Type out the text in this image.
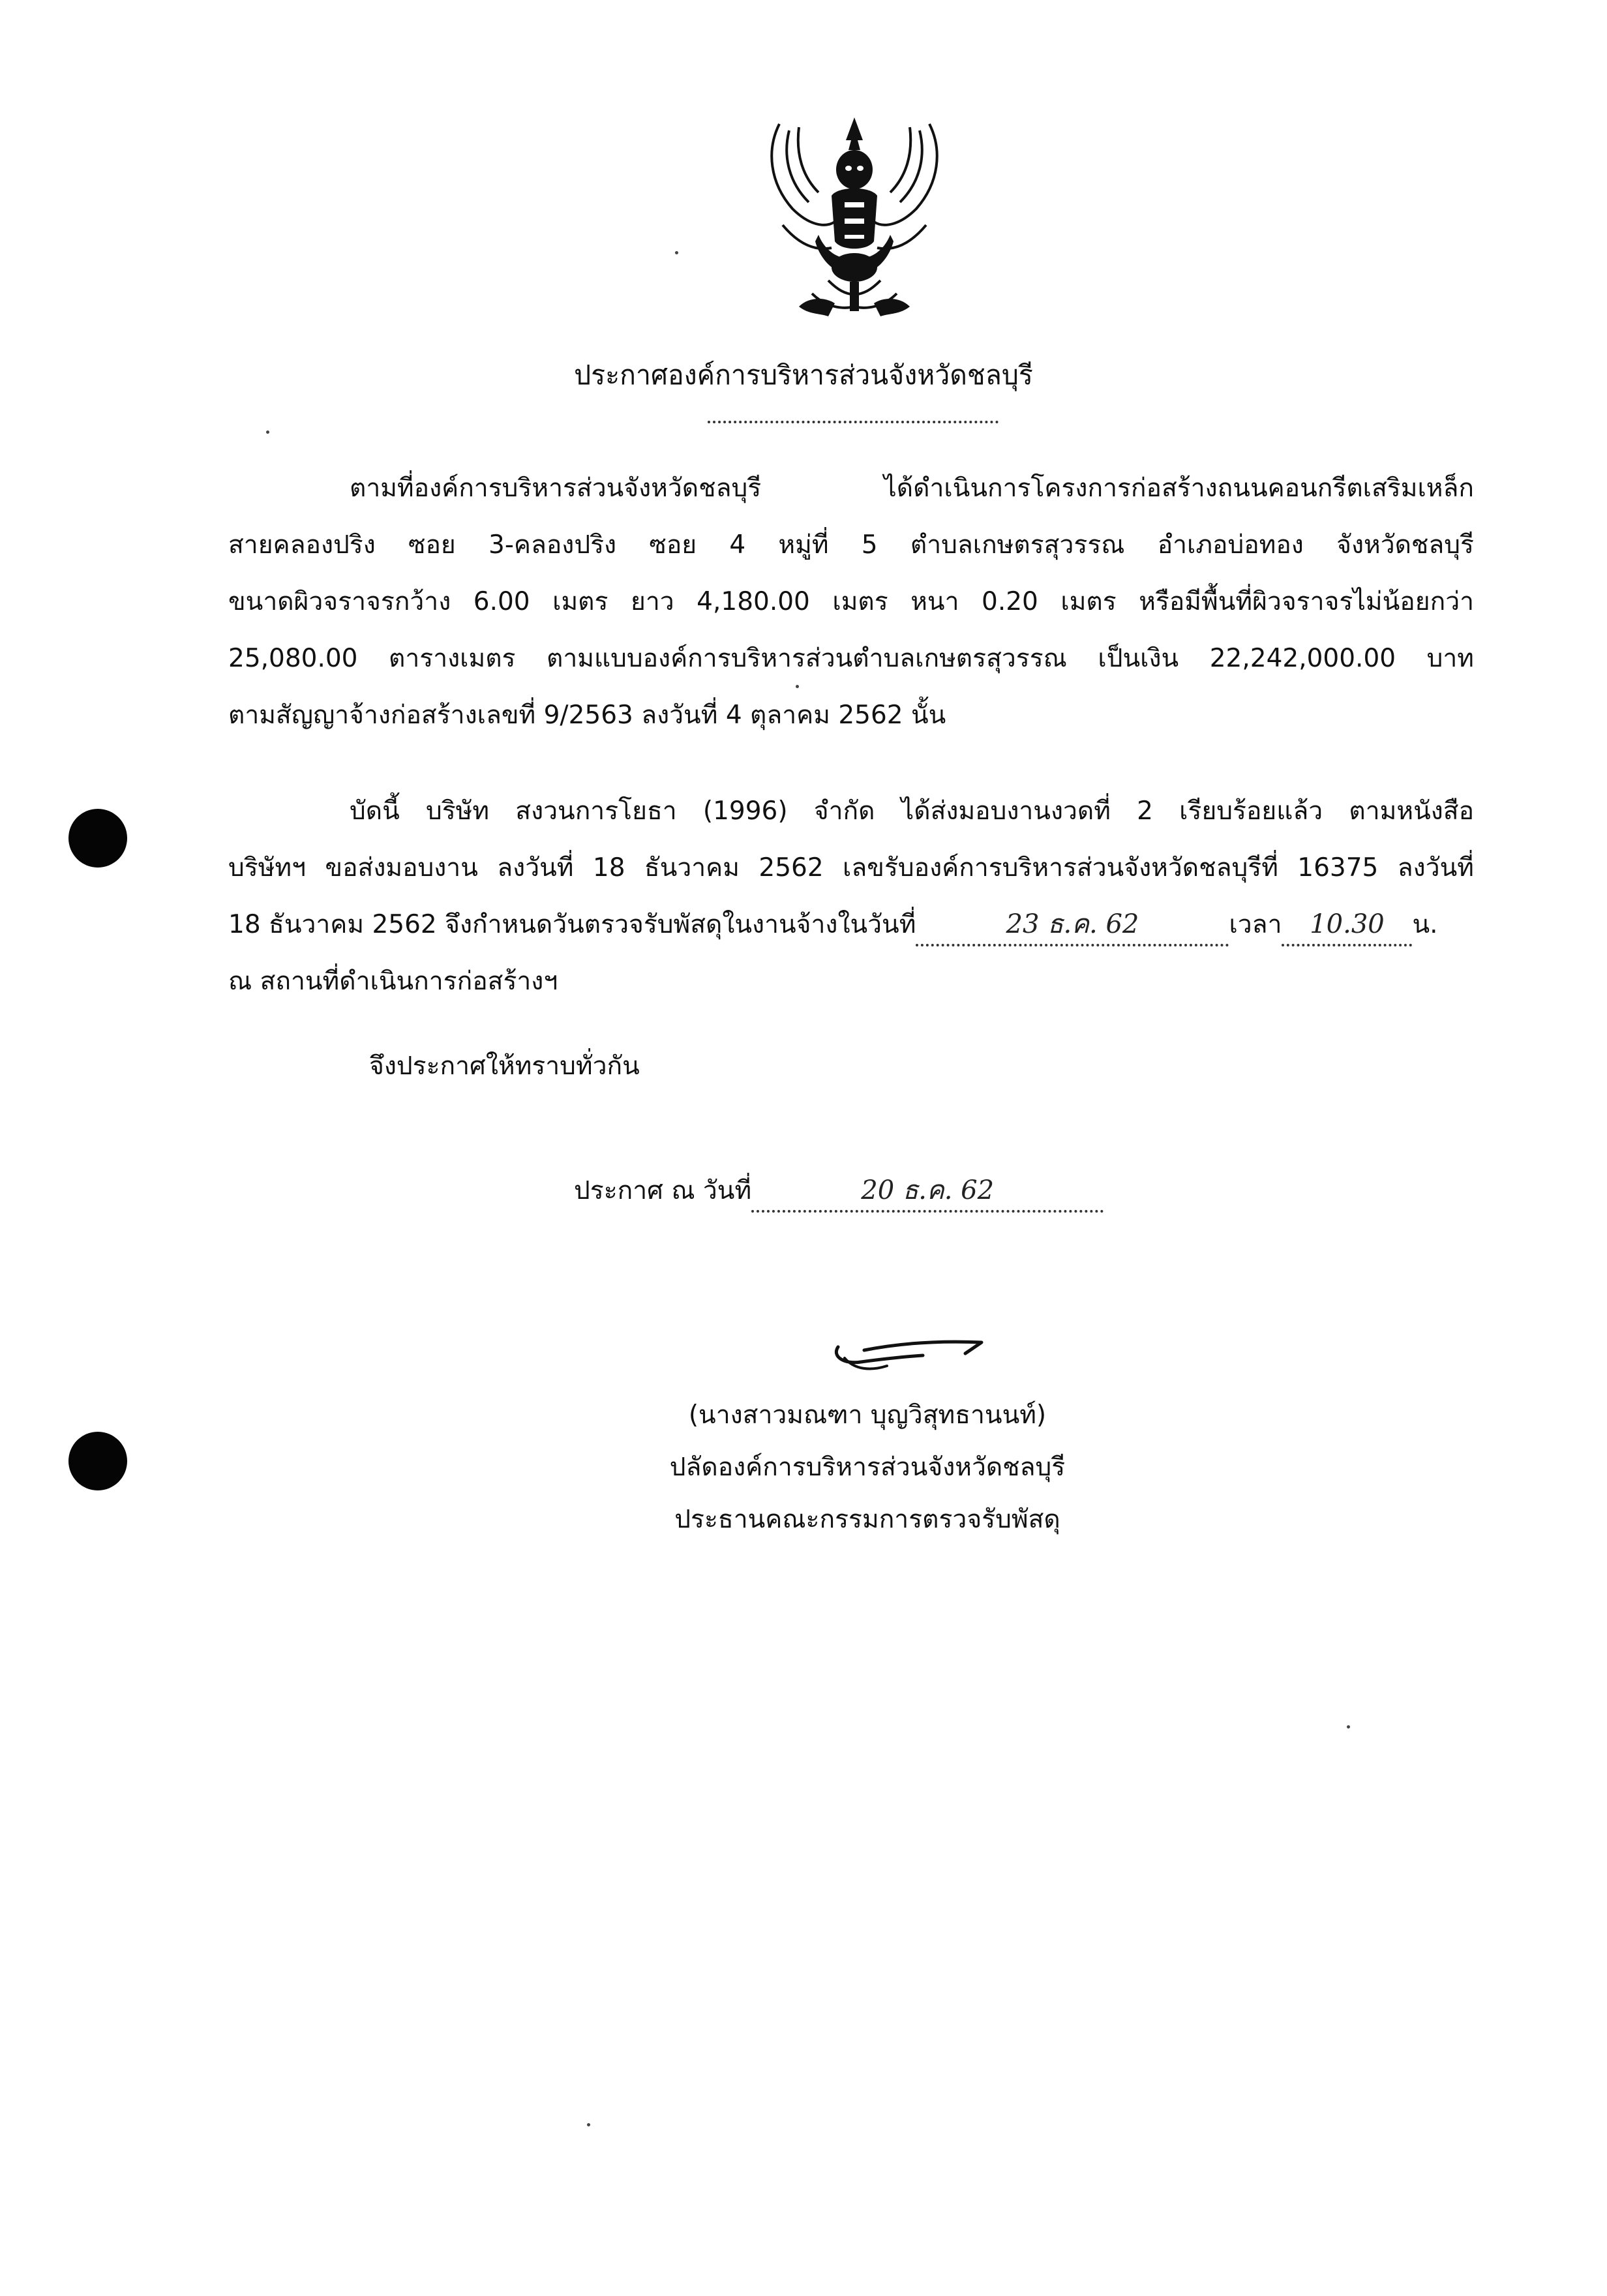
ประกาศองค์การบริหารส่วนจังหวัดชลบุรี
ตามที่องค์การบริหารส่วนจังหวัดชลบุรี ได้ดำเนินการโครงการก่อสร้างถนนคอนกรีตเสริมเหล็ก
สายคลองปริง ซอย 3-คลองปริง ซอย 4 หมู่ที่ 5 ตำบลเกษตรสุวรรณ อำเภอบ่อทอง จังหวัดชลบุรี
ขนาดผิวจราจรกว้าง 6.00 เมตร ยาว 4,180.00 เมตร หนา 0.20 เมตร หรือมีพื้นที่ผิวจราจรไม่น้อยกว่า
25,080.00 ตารางเมตร ตามแบบองค์การบริหารส่วนตำบลเกษตรสุวรรณ เป็นเงิน 22,242,000.00 บาท
ตามสัญญาจ้างก่อสร้างเลขที่ 9/2563 ลงวันที่ 4 ตุลาคม 2562 นั้น
บัดนี้ บริษัท สงวนการโยธา (1996) จำกัด ได้ส่งมอบงานงวดที่ 2 เรียบร้อยแล้ว ตามหนังสือ
บริษัทฯ ขอส่งมอบงาน ลงวันที่ 18 ธันวาคม 2562 เลขรับองค์การบริหารส่วนจังหวัดชลบุรีที่ 16375 ลงวันที่
18 ธันวาคม 2562 จึงกำหนดวันตรวจรับพัสดุในงานจ้างในวันที่	23 ธ.ค. 62	เวลา 10.30 น.
ณ สถานที่ดำเนินการก่อสร้างฯ
จึงประกาศให้ทราบทั่วกัน
ประกาศ ณ วันที่	20 ธ.ค. 62
(นางสาวมณฑา บุญวิสุทธานนท์)
ปลัดองค์การบริหารส่วนจังหวัดชลบุรี
ประธานคณะกรรมการตรวจรับพัสดุ
